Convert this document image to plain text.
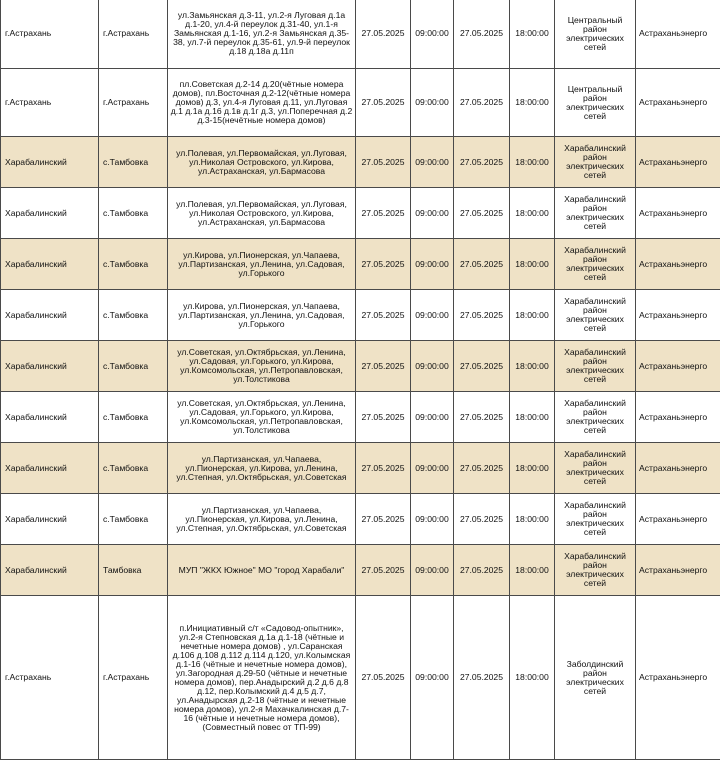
г.Астрахань	г.Астрахань	ул.Замьянская д.3-11, ул.2-я Луговая д.1а д.1-20, ул.4-й переулок д.31-40, ул.1-я Замьянская д.1-16, ул.2-я Замьянская д.35-38, ул.7-й переулок д.35-61, ул.9-й переулок д.18 д.18а д.11п	27.05.2025	09:00:00	27.05.2025	18:00:00	Центральный район электрических сетей	Астраханьэнерго
г.Астрахань	г.Астрахань	пл.Советская д.2-14 д.20(чётные номера домов), пл.Восточная д.2-12(чётные номера домов) д.3, ул.4-я Луговая д.11, ул.Луговая д.1 д.1а д.16 д.1в д.1г д.3, ул.Поперечная д.2 д.3-15(нечётные номера домов)	27.05.2025	09:00:00	27.05.2025	18:00:00	Центральный район электрических сетей	Астраханьэнерго
Харабалинский	с.Тамбовка	ул.Полевая, ул.Первомайская, ул.Луговая, ул.Николая Островского, ул.Кирова, ул.Астраханская, ул.Бармасова	27.05.2025	09:00:00	27.05.2025	18:00:00	Харабалинский район электрических сетей	Астраханьэнерго
Харабалинский	с.Тамбовка	ул.Полевая, ул.Первомайская, ул.Луговая, ул.Николая Островского, ул.Кирова, ул.Астраханская, ул.Бармасова	27.05.2025	09:00:00	27.05.2025	18:00:00	Харабалинский район электрических сетей	Астраханьэнерго
Харабалинский	с.Тамбовка	ул.Кирова, ул.Пионерская, ул.Чапаева, ул.Партизанская, ул.Ленина, ул.Садовая, ул.Горького	27.05.2025	09:00:00	27.05.2025	18:00:00	Харабалинский район электрических сетей	Астраханьэнерго
Харабалинский	с.Тамбовка	ул.Кирова, ул.Пионерская, ул.Чапаева, ул.Партизанская, ул.Ленина, ул.Садовая, ул.Горького	27.05.2025	09:00:00	27.05.2025	18:00:00	Харабалинский район электрических сетей	Астраханьэнерго
Харабалинский	с.Тамбовка	ул.Советская, ул.Октябрьская, ул.Ленина, ул.Садовая, ул.Горького, ул.Кирова, ул.Комсомольская, ул.Петропавловская, ул.Толстикова	27.05.2025	09:00:00	27.05.2025	18:00:00	Харабалинский район электрических сетей	Астраханьэнерго
Харабалинский	с.Тамбовка	ул.Советская, ул.Октябрьская, ул.Ленина, ул.Садовая, ул.Горького, ул.Кирова, ул.Комсомольская, ул.Петропавловская, ул.Толстикова	27.05.2025	09:00:00	27.05.2025	18:00:00	Харабалинский район электрических сетей	Астраханьэнерго
Харабалинский	с.Тамбовка	ул.Партизанская, ул.Чапаева, ул.Пионерская, ул.Кирова, ул.Ленина, ул.Степная, ул.Октябрьская, ул.Советская	27.05.2025	09:00:00	27.05.2025	18:00:00	Харабалинский район электрических сетей	Астраханьэнерго
Харабалинский	с.Тамбовка	ул.Партизанская, ул.Чапаева, ул.Пионерская, ул.Кирова, ул.Ленина, ул.Степная, ул.Октябрьская, ул.Советская	27.05.2025	09:00:00	27.05.2025	18:00:00	Харабалинский район электрических сетей	Астраханьэнерго
Харабалинский	Тамбовка	МУП "ЖКХ Южное" МО "город Харабали"	27.05.2025	09:00:00	27.05.2025	18:00:00	Харабалинский район электрических сетей	Астраханьэнерго
г.Астрахань	г.Астрахань	п.Инициативный с/т «Садовод-опытник», ул.2-я Степновская д.1а д.1-18 (чётные и нечетные номера домов) , ул.Саранская д.106 д.108 д.112 д.114 д.120, ул.Колымская д.1-16 (чётные и нечетные номера домов), ул.Загородная д.29-50 (чётные и нечетные номера домов), пер.Анадырский д.2 д.6 д.8 д.12, пер.Колымский д.4 д.5 д.7, ул.Анадырская д.2-18 (чётные и нечетные номера домов), ул.2-я Махачкалинская д.7-16 (чётные и нечетные номера домов), (Совместный повес от ТП-99)	27.05.2025	09:00:00	27.05.2025	18:00:00	Заболдинский район электрических сетей	Астраханьэнерго
